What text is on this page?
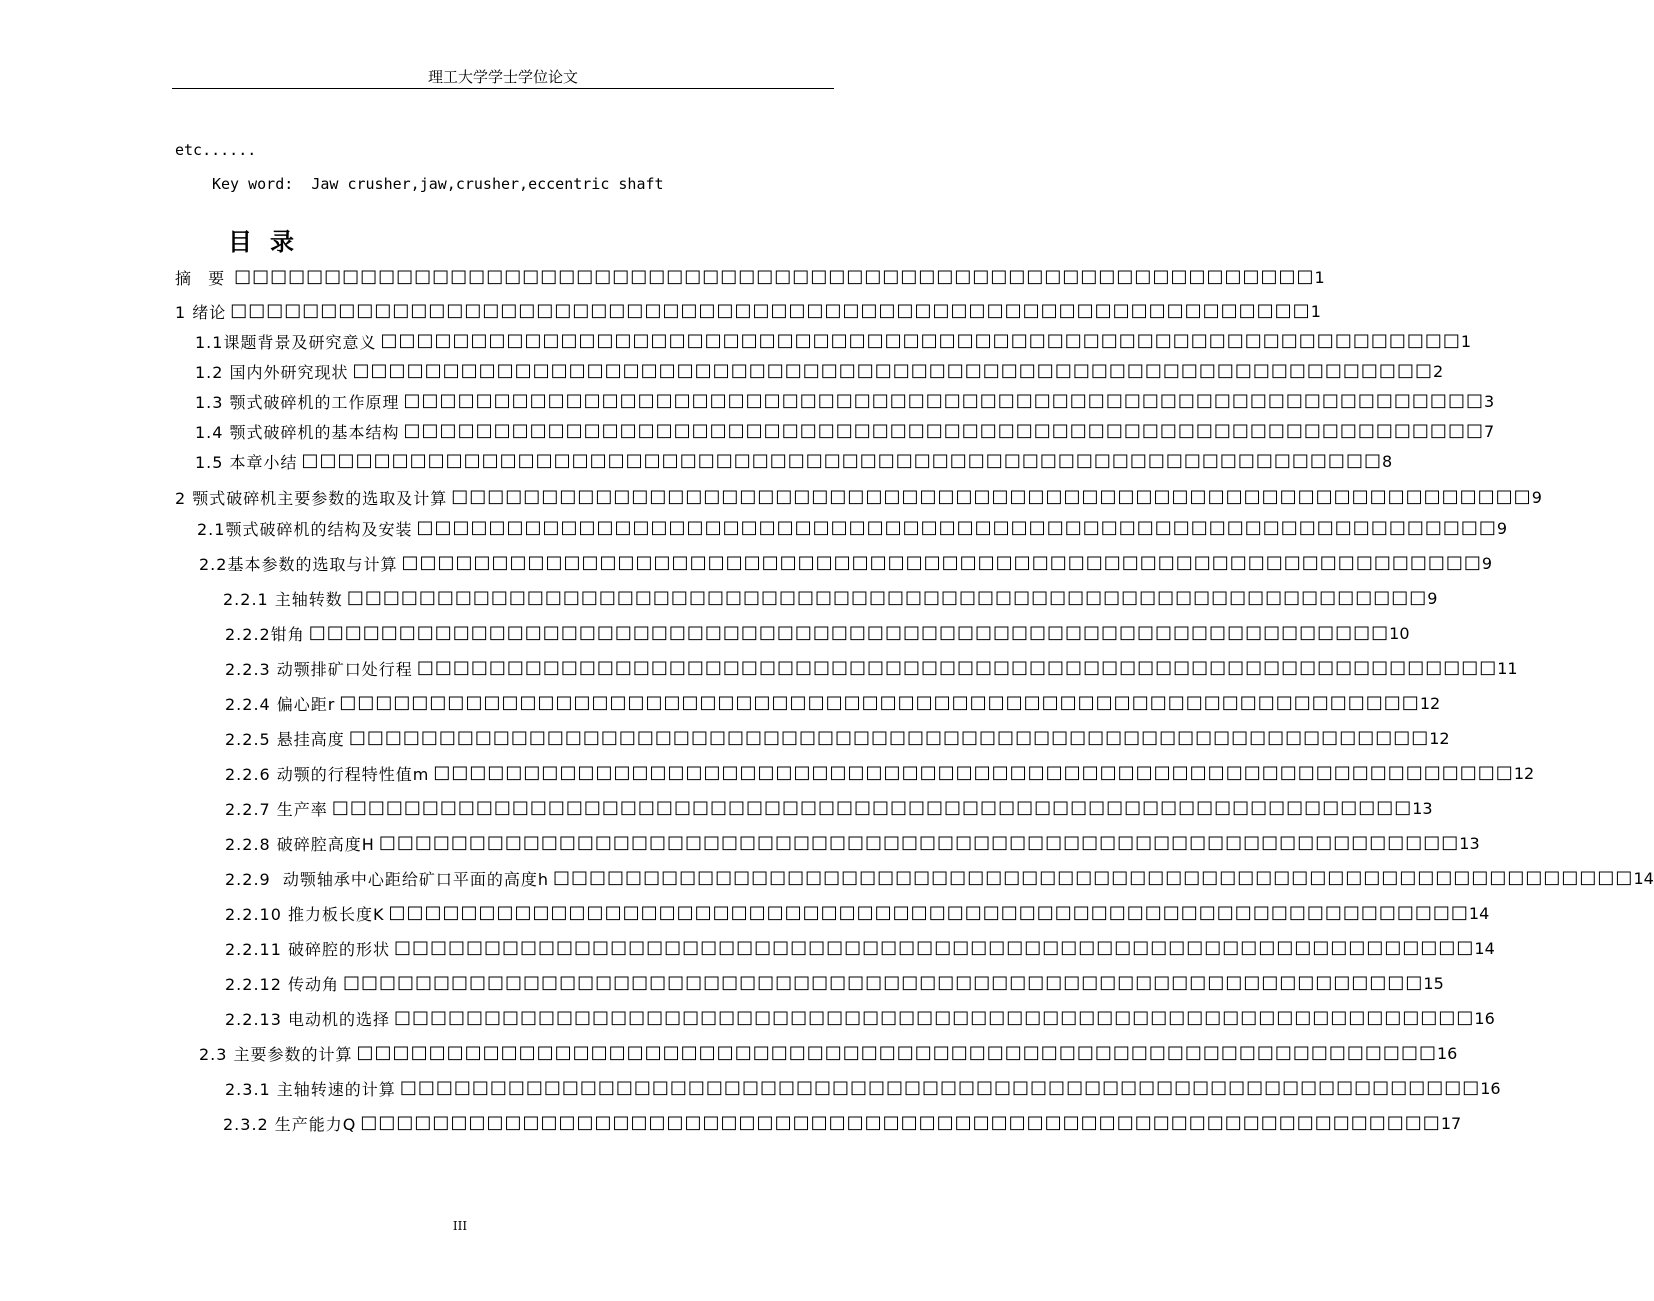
理工大学学士学位论文
etc......
Key word:  Jaw crusher,jaw,crusher,eccentric shaft
目录
摘 要 □□□□□□□□□□□□□□□□□□□□□□□□□□□□□□□□□□□□□□□□□□□□□□□□□□□□□□□□□□□□ 1
1 绪论 □□□□□□□□□□□□□□□□□□□□□□□□□□□□□□□□□□□□□□□□□□□□□□□□□□□□□□□□□□□□ 1
1.1课题背景及研究意义 □□□□□□□□□□□□□□□□□□□□□□□□□□□□□□□□□□□□□□□□□□□□□□□□□□□□□□□□□□□□ 1
1.2 国内外研究现状 □□□□□□□□□□□□□□□□□□□□□□□□□□□□□□□□□□□□□□□□□□□□□□□□□□□□□□□□□□□□ 2
1.3 颚式破碎机的工作原理 □□□□□□□□□□□□□□□□□□□□□□□□□□□□□□□□□□□□□□□□□□□□□□□□□□□□□□□□□□□□ 3
1.4 颚式破碎机的基本结构 □□□□□□□□□□□□□□□□□□□□□□□□□□□□□□□□□□□□□□□□□□□□□□□□□□□□□□□□□□□□ 7
1.5 本章小结 □□□□□□□□□□□□□□□□□□□□□□□□□□□□□□□□□□□□□□□□□□□□□□□□□□□□□□□□□□□□ 8
2 颚式破碎机主要参数的选取及计算 □□□□□□□□□□□□□□□□□□□□□□□□□□□□□□□□□□□□□□□□□□□□□□□□□□□□□□□□□□□□ 9
2.1颚式破碎机的结构及安装 □□□□□□□□□□□□□□□□□□□□□□□□□□□□□□□□□□□□□□□□□□□□□□□□□□□□□□□□□□□□ 9
2.2基本参数的选取与计算 □□□□□□□□□□□□□□□□□□□□□□□□□□□□□□□□□□□□□□□□□□□□□□□□□□□□□□□□□□□□ 9
2.2.1 主轴转数 □□□□□□□□□□□□□□□□□□□□□□□□□□□□□□□□□□□□□□□□□□□□□□□□□□□□□□□□□□□□ 9
2.2.2钳角 □□□□□□□□□□□□□□□□□□□□□□□□□□□□□□□□□□□□□□□□□□□□□□□□□□□□□□□□□□□□ 10
2.2.3 动颚排矿口处行程 □□□□□□□□□□□□□□□□□□□□□□□□□□□□□□□□□□□□□□□□□□□□□□□□□□□□□□□□□□□□ 11
2.2.4 偏心距r □□□□□□□□□□□□□□□□□□□□□□□□□□□□□□□□□□□□□□□□□□□□□□□□□□□□□□□□□□□□ 12
2.2.5 悬挂高度 □□□□□□□□□□□□□□□□□□□□□□□□□□□□□□□□□□□□□□□□□□□□□□□□□□□□□□□□□□□□ 12
2.2.6 动颚的行程特性值m □□□□□□□□□□□□□□□□□□□□□□□□□□□□□□□□□□□□□□□□□□□□□□□□□□□□□□□□□□□□ 12
2.2.7 生产率 □□□□□□□□□□□□□□□□□□□□□□□□□□□□□□□□□□□□□□□□□□□□□□□□□□□□□□□□□□□□ 13
2.2.8 破碎腔高度H □□□□□□□□□□□□□□□□□□□□□□□□□□□□□□□□□□□□□□□□□□□□□□□□□□□□□□□□□□□□ 13
2.2.9  动颚轴承中心距给矿口平面的高度h □□□□□□□□□□□□□□□□□□□□□□□□□□□□□□□□□□□□□□□□□□□□□□□□□□□□□□□□□□□□ 14
2.2.10 推力板长度K □□□□□□□□□□□□□□□□□□□□□□□□□□□□□□□□□□□□□□□□□□□□□□□□□□□□□□□□□□□□ 14
2.2.11 破碎腔的形状 □□□□□□□□□□□□□□□□□□□□□□□□□□□□□□□□□□□□□□□□□□□□□□□□□□□□□□□□□□□□ 14
2.2.12 传动角 □□□□□□□□□□□□□□□□□□□□□□□□□□□□□□□□□□□□□□□□□□□□□□□□□□□□□□□□□□□□ 15
2.2.13 电动机的选择 □□□□□□□□□□□□□□□□□□□□□□□□□□□□□□□□□□□□□□□□□□□□□□□□□□□□□□□□□□□□ 16
2.3 主要参数的计算 □□□□□□□□□□□□□□□□□□□□□□□□□□□□□□□□□□□□□□□□□□□□□□□□□□□□□□□□□□□□ 16
2.3.1 主轴转速的计算 □□□□□□□□□□□□□□□□□□□□□□□□□□□□□□□□□□□□□□□□□□□□□□□□□□□□□□□□□□□□ 16
2.3.2 生产能力Q □□□□□□□□□□□□□□□□□□□□□□□□□□□□□□□□□□□□□□□□□□□□□□□□□□□□□□□□□□□□ 17
III
